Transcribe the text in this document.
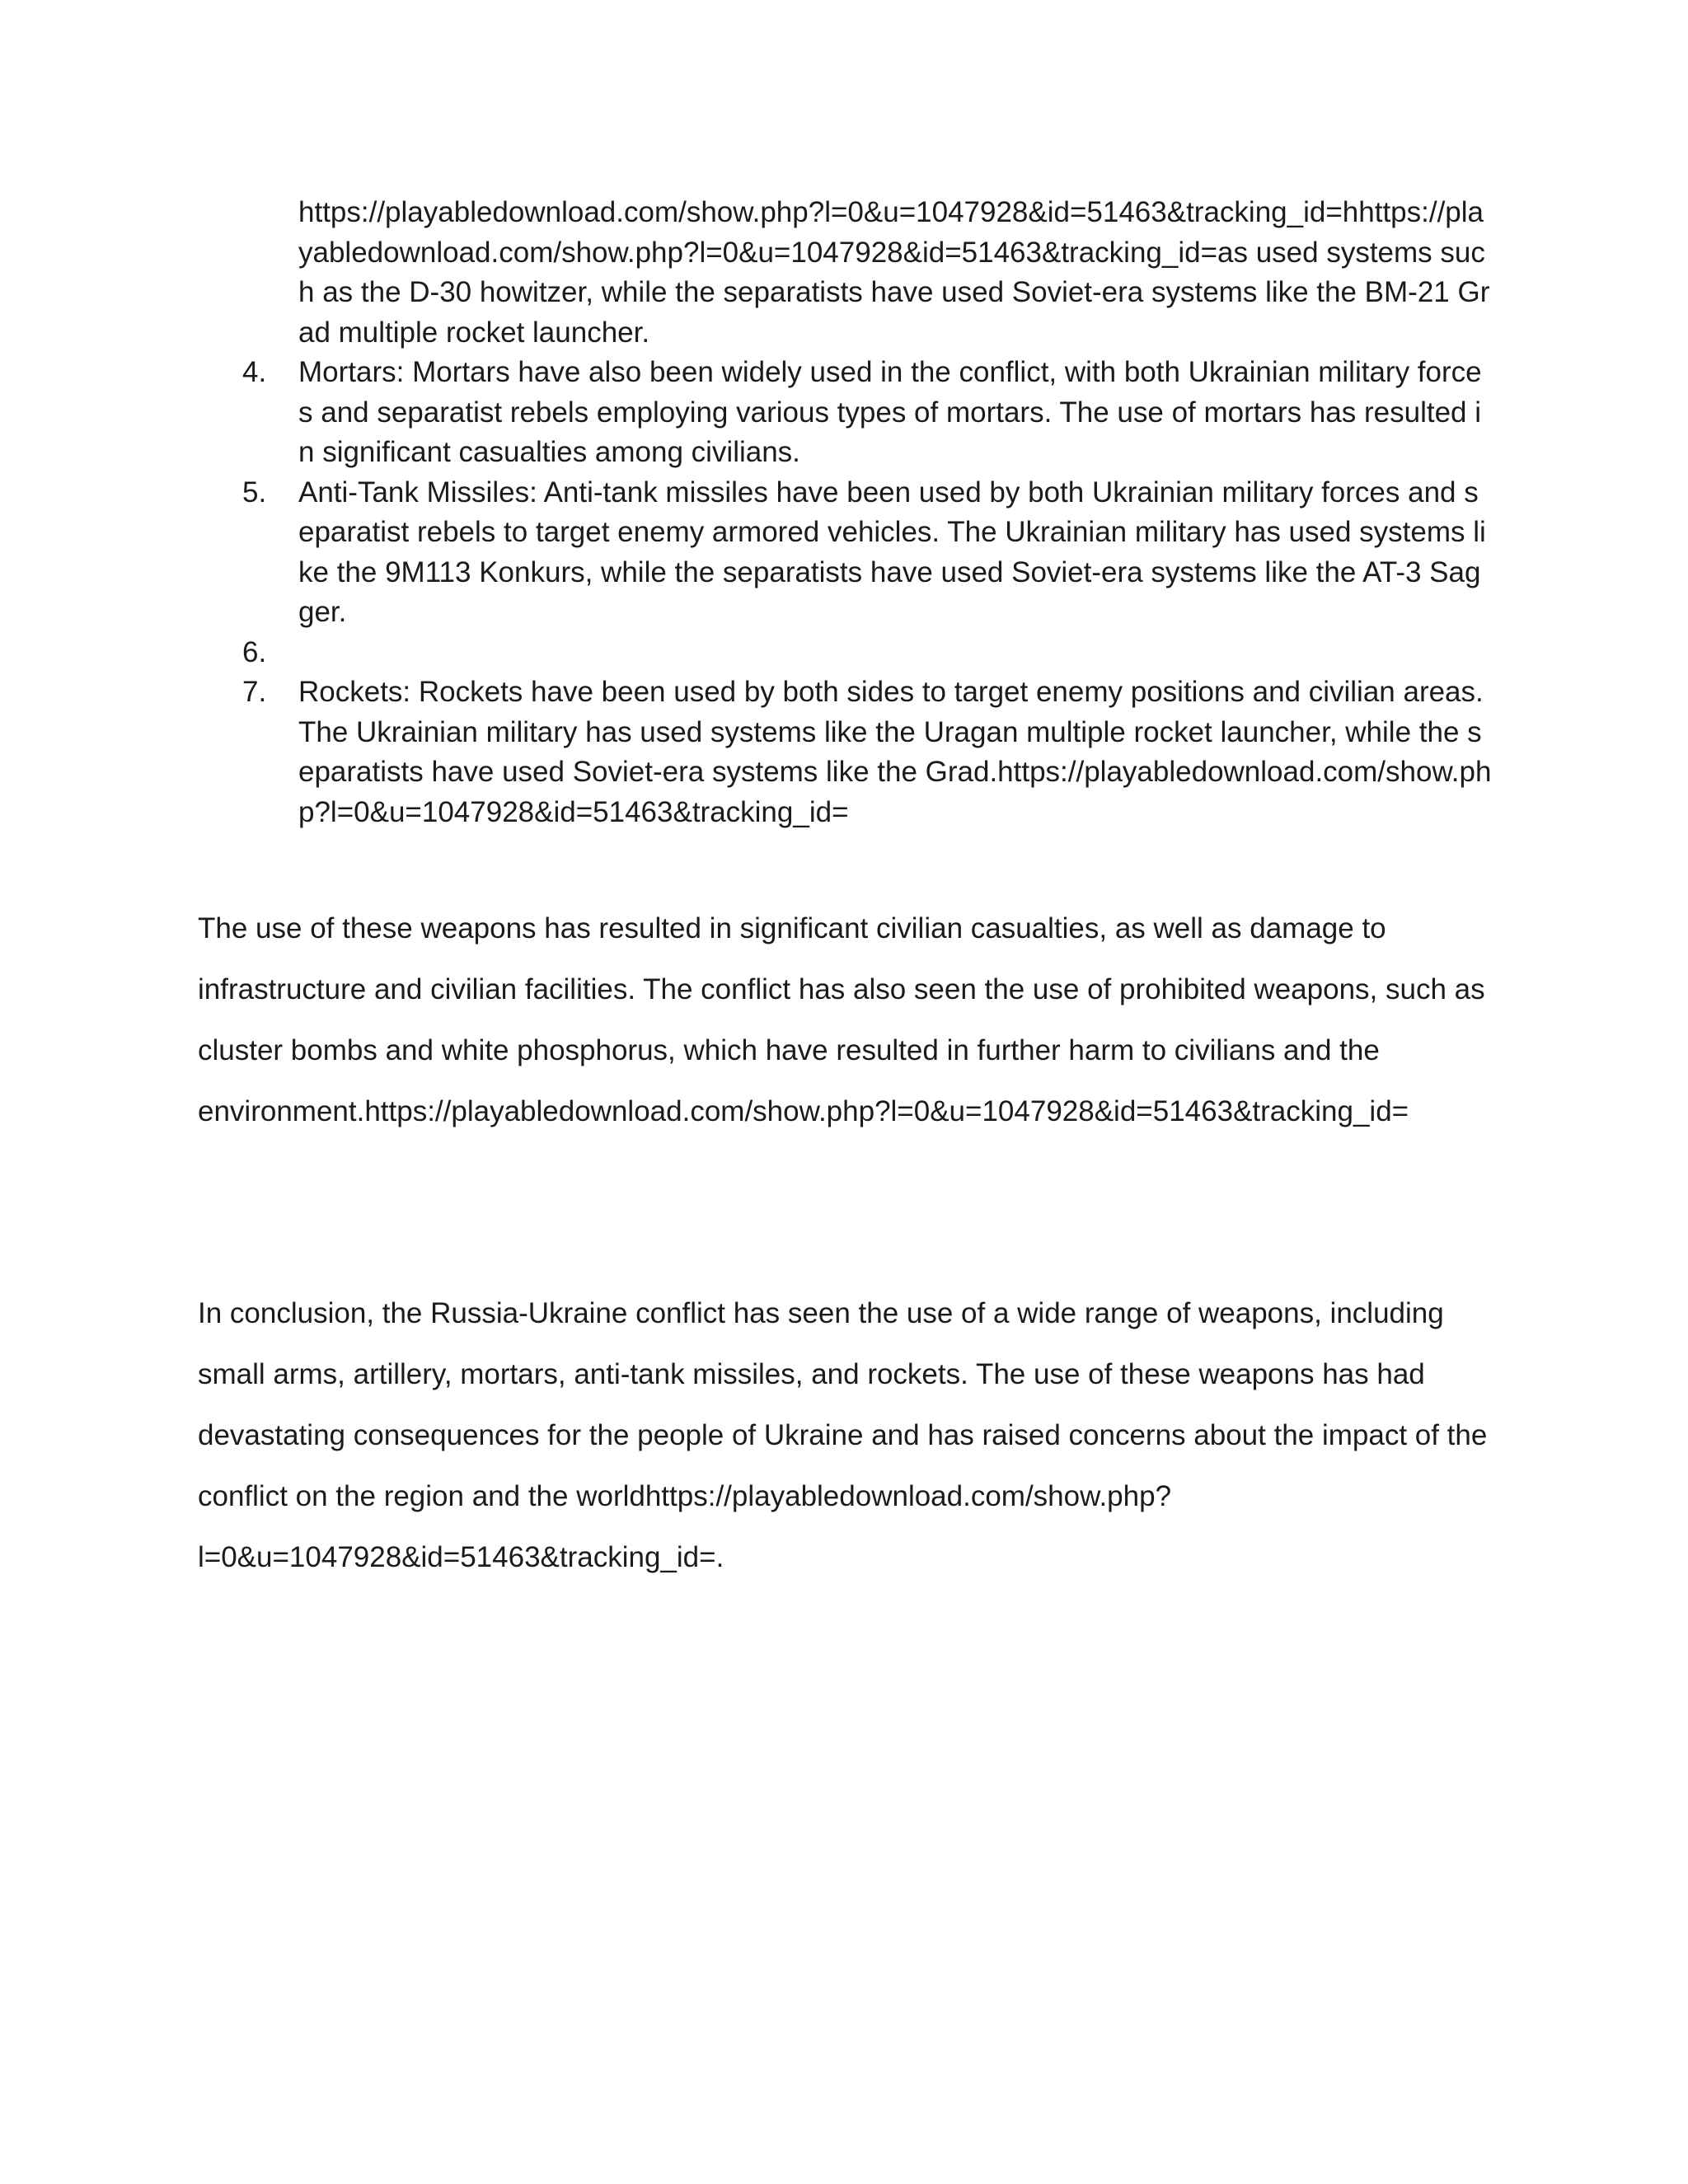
https://playabledownload.com/show.php?l=0&u=1047928&id=51463&tracking_id=hhttps://playabledownload.com/show.php?l=0&u=1047928&id=51463&tracking_id=as used systems such as the D-30 howitzer, while the separatists have used Soviet-era systems like the BM-21 Grad multiple rocket launcher.
4. Mortars: Mortars have also been widely used in the conflict, with both Ukrainian military forces and separatist rebels employing various types of mortars. The use of mortars has resulted in significant casualties among civilians.
5. Anti-Tank Missiles: Anti-tank missiles have been used by both Ukrainian military forces and separatist rebels to target enemy armored vehicles. The Ukrainian military has used systems like the 9M113 Konkurs, while the separatists have used Soviet-era systems like the AT-3 Sagger.
6.
7. Rockets: Rockets have been used by both sides to target enemy positions and civilian areas. The Ukrainian military has used systems like the Uragan multiple rocket launcher, while the separatists have used Soviet-era systems like the Grad.https://playabledownload.com/show.php?l=0&u=1047928&id=51463&tracking_id=

The use of these weapons has resulted in significant civilian casualties, as well as damage to infrastructure and civilian facilities. The conflict has also seen the use of prohibited weapons, such as cluster bombs and white phosphorus, which have resulted in further harm to civilians and the environment.https://playabledownload.com/show.php?l=0&u=1047928&id=51463&tracking_id=

In conclusion, the Russia-Ukraine conflict has seen the use of a wide range of weapons, including small arms, artillery, mortars, anti-tank missiles, and rockets. The use of these weapons has had devastating consequences for the people of Ukraine and has raised concerns about the impact of the conflict on the region and the worldhttps://playabledownload.com/show.php?l=0&u=1047928&id=51463&tracking_id=.
